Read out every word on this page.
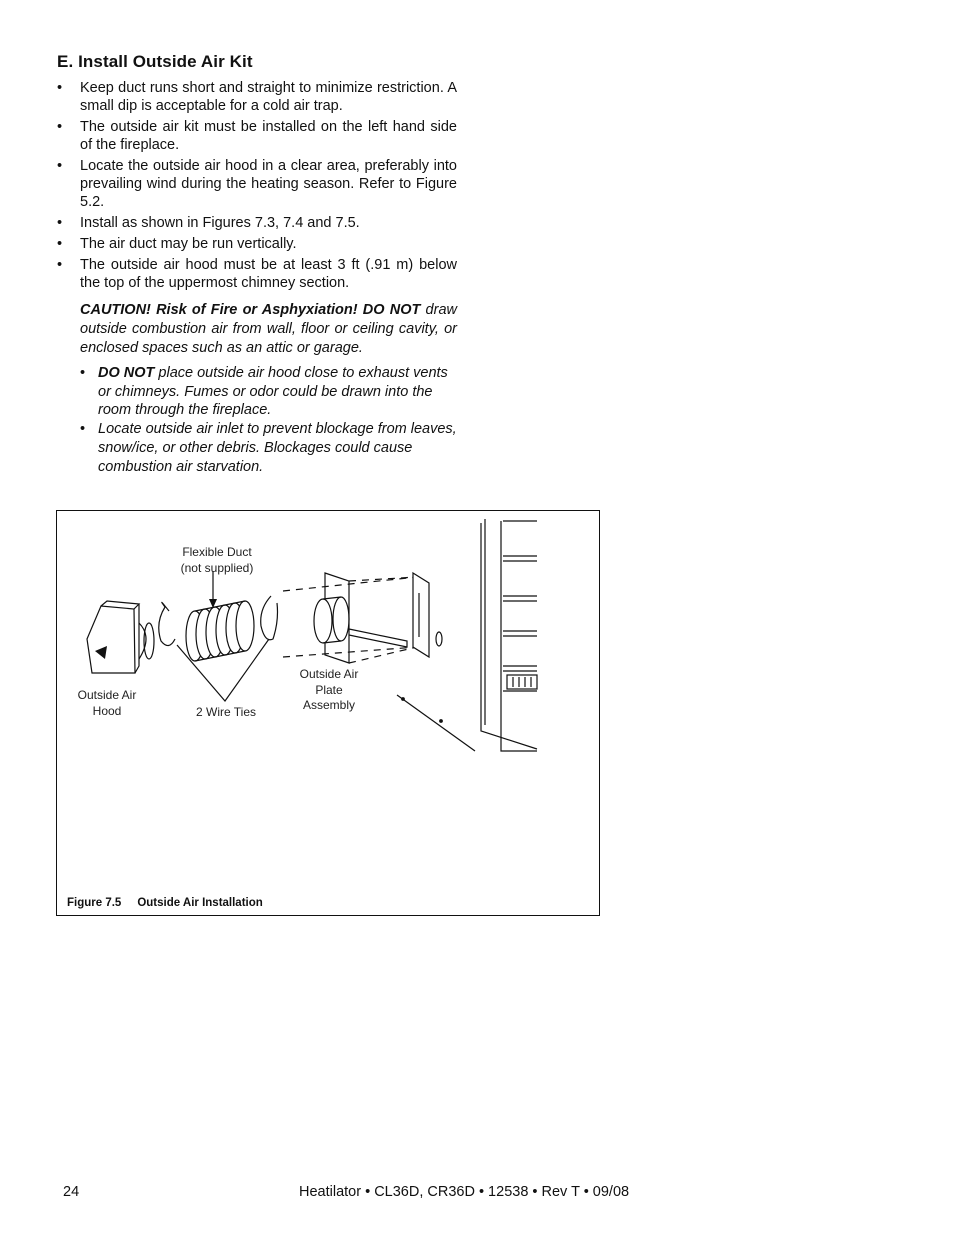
E. Install Outside Air Kit
• Keep duct runs short and straight to minimize restriction. A small dip is acceptable for a cold air trap.
• The outside air kit must be installed on the left hand side of the fireplace.
• Locate the outside air hood in a clear area, preferably into prevailing wind during the heating season. Refer to Figure 5.2.
• Install as shown in Figures 7.3, 7.4 and 7.5.
• The air duct may be run vertically.
• The outside air hood must be at least 3 ft (.91 m) below the top of the uppermost chimney section.

CAUTION! Risk of Fire or Asphyxiation! DO NOT draw outside combustion air from wall, floor or ceiling cavity, or enclosed spaces such as an attic or garage.

• DO NOT place outside air hood close to exhaust vents or chimneys. Fumes or odor could be drawn into the room through the fireplace.
• Locate outside air inlet to prevent blockage from leaves, snow/ice, or other debris. Blockages could cause combustion air starvation.
Flexible Duct
(not supplied)
Outside Air
Hood	2 Wire Ties
Outside Air
Plate
Assembly
Figure 7.5 Outside Air Installation
24	Heatilator • CL36D, CR36D • 12538 • Rev T • 09/08
